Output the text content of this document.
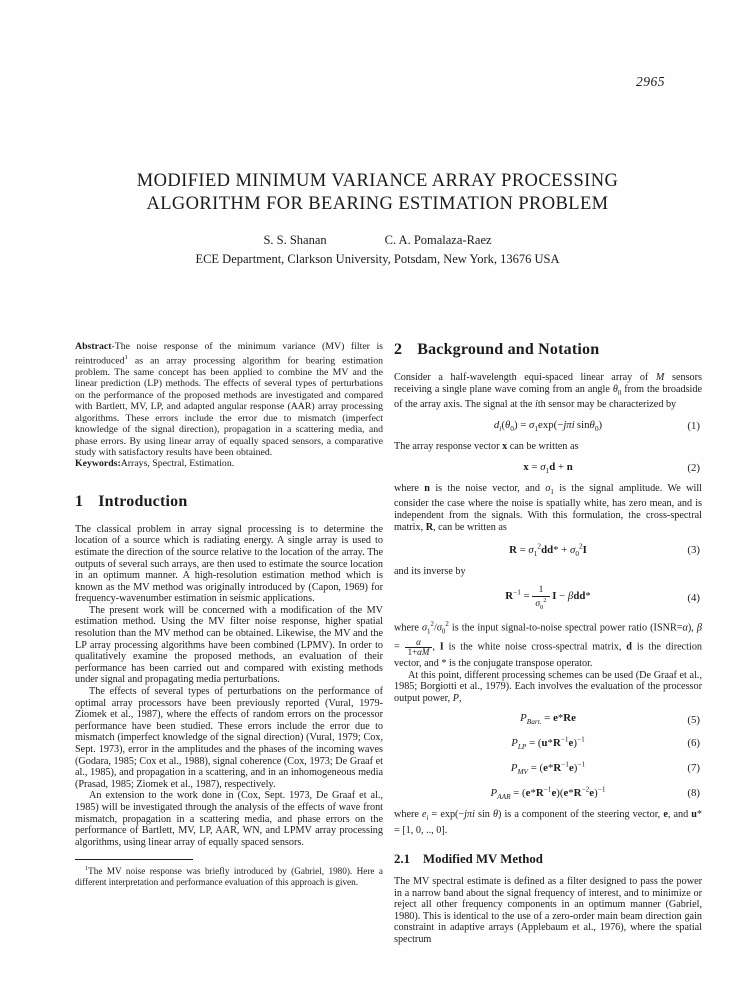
2965
MODIFIED MINIMUM VARIANCE ARRAY PROCESSING
ALGORITHM FOR BEARING ESTIMATION PROBLEM
S. S. Shanan	C. A. Pomalaza-Raez
ECE Department, Clarkson University, Potsdam, New York, 13676 USA

Abstract-The noise response of the minimum variance (MV) filter is reintroduced$^1$ as an array processing algorithm for bearing estimation problem. The same concept has been applied to combine the MV and the linear prediction (LP) methods. The effects of several types of perturbations on the performance of the proposed methods are investigated and compared with Bartlett, MV, LP, and adapted angular response (AAR) array processing algorithms. These errors include the error due to mismatch (imperfect knowledge of the signal direction), propagation in a scattering media, and phase errors. By using linear array of equally spaced sensors, a comparative study with satisfactory results have been obtained.

Keywords:Arrays, Spectral, Estimation.

1 Introduction

The classical problem in array signal processing is to determine the location of a source which is radiating energy. A single array is used to estimate the direction of the source relative to the location of the array. The outputs of several such arrays, are then used to estimate the source location in an optimum manner. A high-resolution estimation method which is known as the MV method was originally introduced by (Capon, 1969) for frequency-wavenumber estimation in seismic applications.

The present work will be concerned with a modification of the MV estimation method. Using the MV filter noise response, higher spatial resolution than the MV method can be obtained. Likewise, the MV and the LP array processing algorithms have been combined (LPMV). In order to qualitatively examine the proposed methods, an evaluation of their performance has been carried out and compared with existing methods under signal and propagating media perturbations.

The effects of several types of perturbations on the performance of optimal array processors have been previously reported (Vural, 1979-Ziomek et al., 1987), where the effects of random errors on the processor performance have been studied. These errors include the error due to mismatch (imperfect knowledge of the signal direction) (Vural, 1979; Cox, Sept. 1973), error in the amplitudes and the phases of the incoming waves (Godara, 1985; Cox et al., 1988), signal coherence (Cox, 1973; De Graaf et al., 1985), and propagation in a scattering, and in an inhomogeneous media (Prasad, 1985; Ziomek et al., 1987), respectively.

An extension to the work done in (Cox, Sept. 1973, De Graaf et al., 1985) will be investigated through the analysis of the effects of wave front mismatch, propagation in a scattering media, and phase errors on the performance of Bartlett, MV, LP, AAR, WN, and LPMV array processing algorithms, using linear array of equally spaced sensors.

$^1$The MV noise response was briefly introduced by (Gabriel, 1980). Here a different interpretation and performance evaluation of this approach is given.

2 Background and Notation

Consider a half-wavelength equi-spaced linear array of M sensors receiving a single plane wave coming from an angle $\theta_0$ from the broadside of the array axis. The signal at the ith sensor may be characterized by

$d_i(\theta_0) = \sigma_1\exp(-j\pi i$ sinθ$_0$)	(1)

The array response vector x can be written as

$x = \sigma_1d + n$	(2)

where n is the noise vector, and $\sigma_1$ is the signal amplitude. We will consider the case where the noise is spatially white, has zero mean, and is independent from the signals. With this formulation, the cross-spectral matrix, R, can be written as

$R = \sigma_1^2dd* + \sigma_0^2I$	(3)

and its inverse by

$R^{-1} = \frac{1}{\sigma_0^2}$ I − βdd*	(4)

where $\sigma_1^2/\sigma_0^2$ is the input signal-to-noise spectral power ratio (ISNR=α), $\beta = \frac{\alpha}{1+\alpha M}$ , I is the white noise cross-spectral matrix, d is the direction vector, and * is the conjugate transpose operator.

At this point, different processing schemes can be used (De Graaf et al., 1985; Borgiotti et al., 1979). Each involves the evaluation of the processor output power, P,

$P_{Bart.} = e*Re$	(5)
$P_{LP} = (u*R^{-1}e)^{-1}$	(6)
$P_{MV} = (e*R^{-1}e)^{-1}$	(7)
$P_{AAR} = (e*R^{-1}e)(e*R^{-2}e)^{-1}$	(8)

where $e_i = \exp(-j\pi i$ sin θ) is a component of the steering vector, e, and u* = [1, 0, .., 0].

2.1 Modified MV Method

The MV spectral estimate is defined as a filter designed to pass the power in a narrow band about the signal frequency of interest, and to minimize or reject all other frequency components in an optimum manner (Gabriel, 1980). This is identical to the use of a zero-order main beam direction gain constraint in adaptive arrays (Applebaum et al., 1976), where the spatial spectrum
